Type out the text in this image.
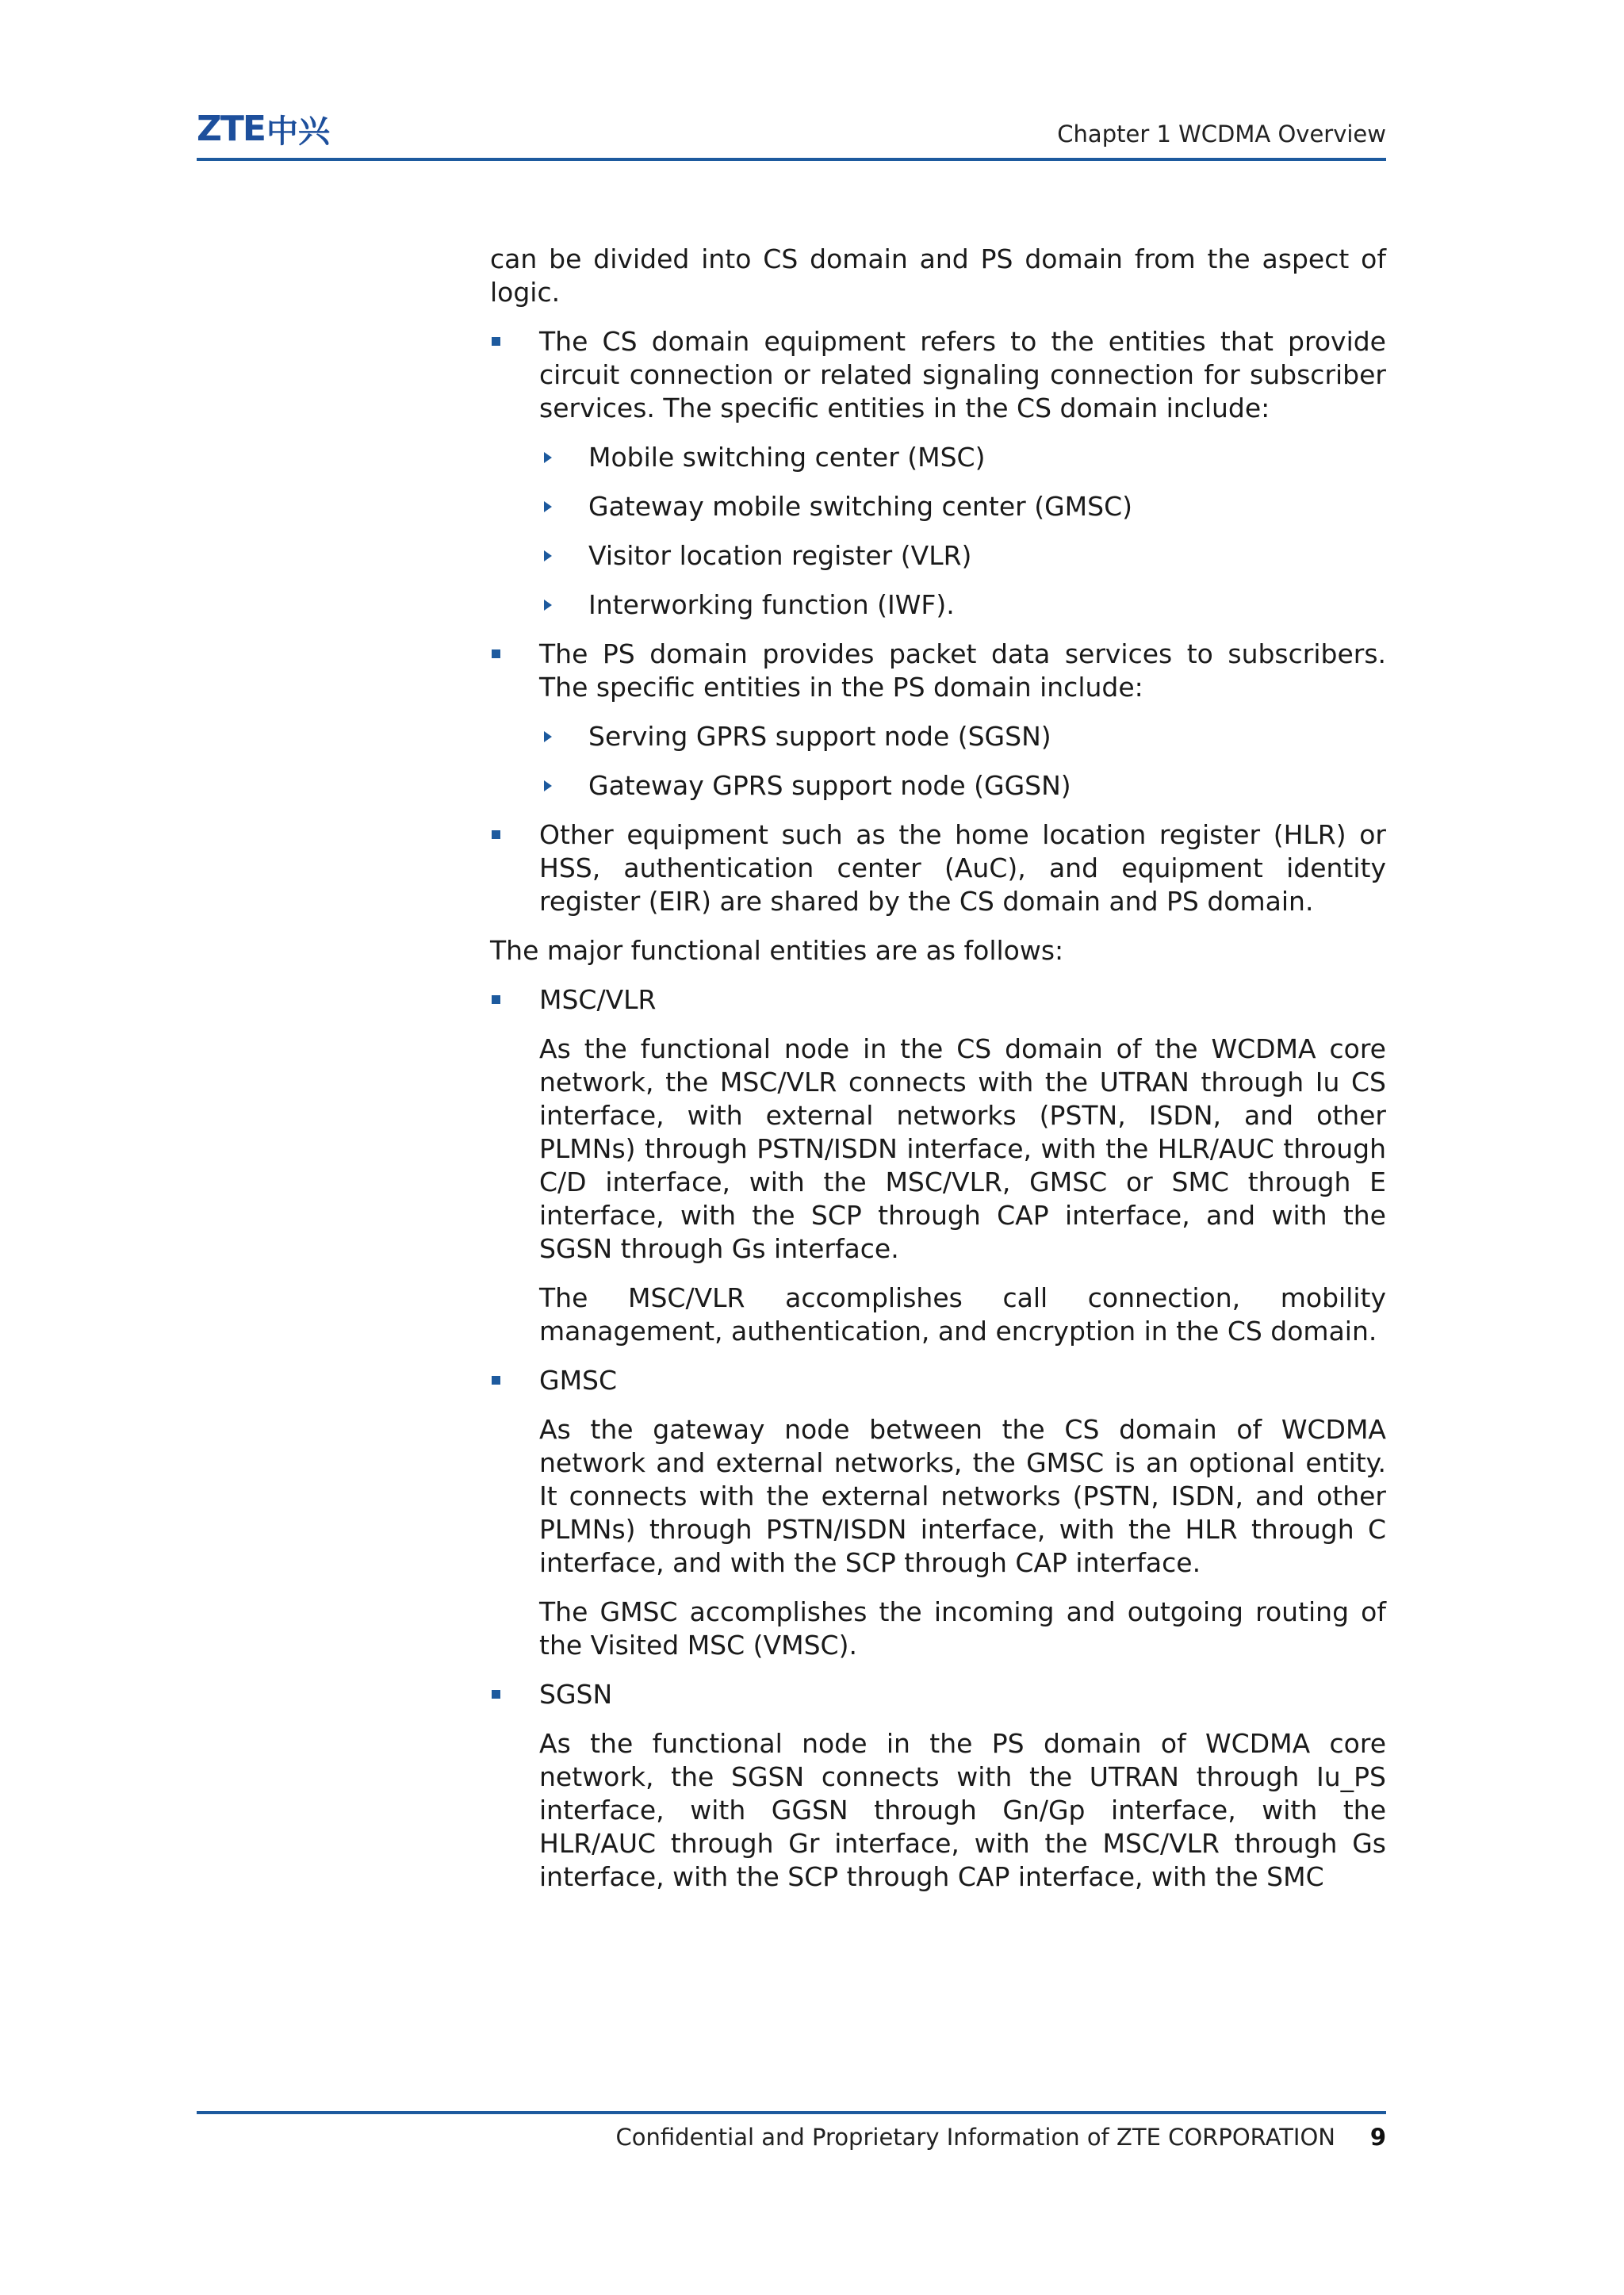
ZTE 中兴	Chapter 1 WCDMA Overview

can be divided into CS domain and PS domain from the aspect of logic.

The CS domain equipment refers to the entities that provide circuit connection or related signaling connection for subscriber services. The specific entities in the CS domain include:
Mobile switching center (MSC)
Gateway mobile switching center (GMSC)
Visitor location register (VLR)
Interworking function (IWF).
The PS domain provides packet data services to subscribers. The specific entities in the PS domain include:
Serving GPRS support node (SGSN)
Gateway GPRS support node (GGSN)
Other equipment such as the home location register (HLR) or HSS, authentication center (AuC), and equipment identity register (EIR) are shared by the CS domain and PS domain.

The major functional entities are as follows:

MSC/VLR
As the functional node in the CS domain of the WCDMA core network, the MSC/VLR connects with the UTRAN through Iu CS interface, with external networks (PSTN, ISDN, and other PLMNs) through PSTN/ISDN interface, with the HLR/AUC through C/D interface, with the MSC/VLR, GMSC or SMC through E interface, with the SCP through CAP interface, and with the SGSN through Gs interface.
The MSC/VLR accomplishes call connection, mobility management, authentication, and encryption in the CS domain.
GMSC
As the gateway node between the CS domain of WCDMA network and external networks, the GMSC is an optional entity. It connects with the external networks (PSTN, ISDN, and other PLMNs) through PSTN/ISDN interface, with the HLR through C interface, and with the SCP through CAP interface.
The GMSC accomplishes the incoming and outgoing routing of the Visited MSC (VMSC).
SGSN
As the functional node in the PS domain of WCDMA core network, the SGSN connects with the UTRAN through Iu_PS interface, with GGSN through Gn/Gp interface, with the HLR/AUC through Gr interface, with the MSC/VLR through Gs interface, with the SCP through CAP interface, with the SMC
Confidential and Proprietary Information of ZTE CORPORATION 9
